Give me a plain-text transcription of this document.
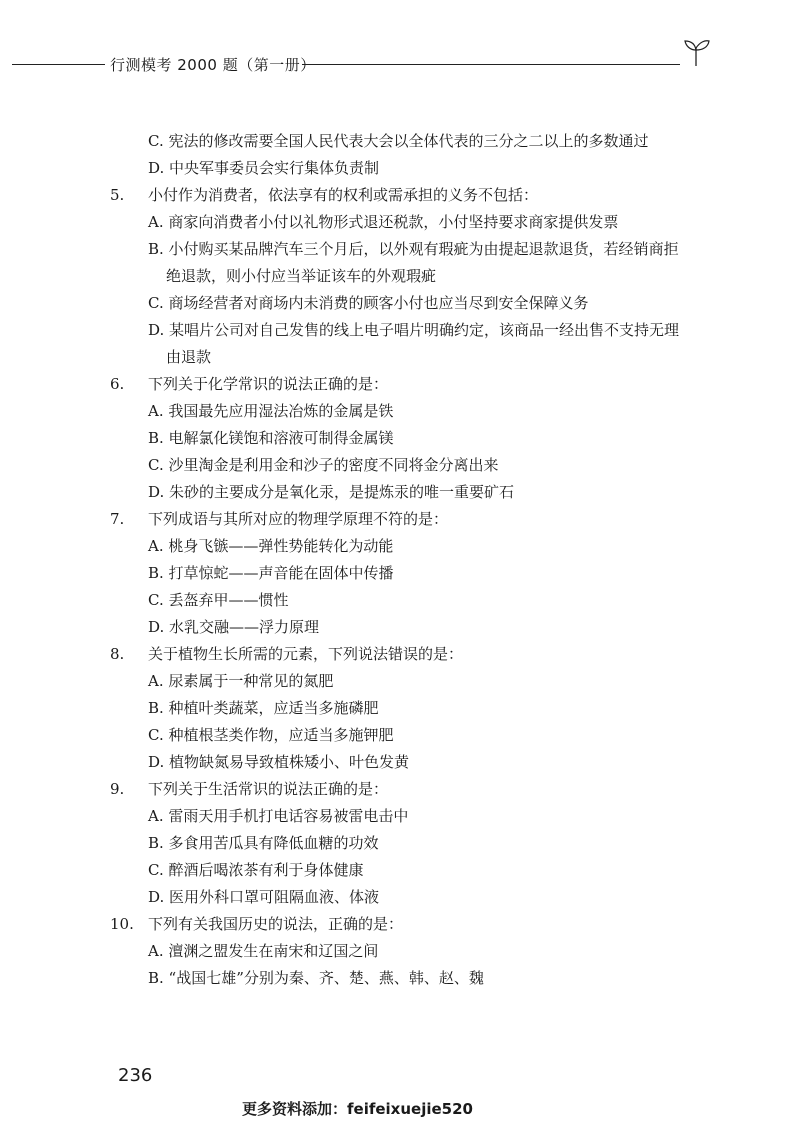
行测模考 2000 题（第一册）
C. 宪法的修改需要全国人民代表大会以全体代表的三分之二以上的多数通过
D. 中央军事委员会实行集体负责制
5.	小付作为消费者，依法享有的权利或需承担的义务不包括：
A. 商家向消费者小付以礼物形式退还税款，小付坚持要求商家提供发票
B. 小付购买某品牌汽车三个月后，以外观有瑕疵为由提起退款退货，若经销商拒
绝退款，则小付应当举证该车的外观瑕疵
C. 商场经营者对商场内未消费的顾客小付也应当尽到安全保障义务
D. 某唱片公司对自己发售的线上电子唱片明确约定，该商品一经出售不支持无理
由退款
6.	下列关于化学常识的说法正确的是：
A. 我国最先应用湿法冶炼的金属是铁
B. 电解氯化镁饱和溶液可制得金属镁
C. 沙里淘金是利用金和沙子的密度不同将金分离出来
D. 朱砂的主要成分是氧化汞，是提炼汞的唯一重要矿石
7.	下列成语与其所对应的物理学原理不符的是：
A. 桃身飞镞——弹性势能转化为动能
B. 打草惊蛇——声音能在固体中传播
C. 丢盔弃甲——惯性
D. 水乳交融——浮力原理
8.	关于植物生长所需的元素，下列说法错误的是：
A. 尿素属于一种常见的氮肥
B. 种植叶类蔬菜，应适当多施磷肥
C. 种植根茎类作物，应适当多施钾肥
D. 植物缺氮易导致植株矮小、叶色发黄
9.	下列关于生活常识的说法正确的是：
A. 雷雨天用手机打电话容易被雷电击中
B. 多食用苦瓜具有降低血糖的功效
C. 醉酒后喝浓茶有利于身体健康
D. 医用外科口罩可阻隔血液、体液
10. 下列有关我国历史的说法，正确的是：
A. 澶渊之盟发生在南宋和辽国之间
B. “战国七雄”分别为秦、齐、楚、燕、韩、赵、魏
236
更多资料添加：feifeixuejie520
